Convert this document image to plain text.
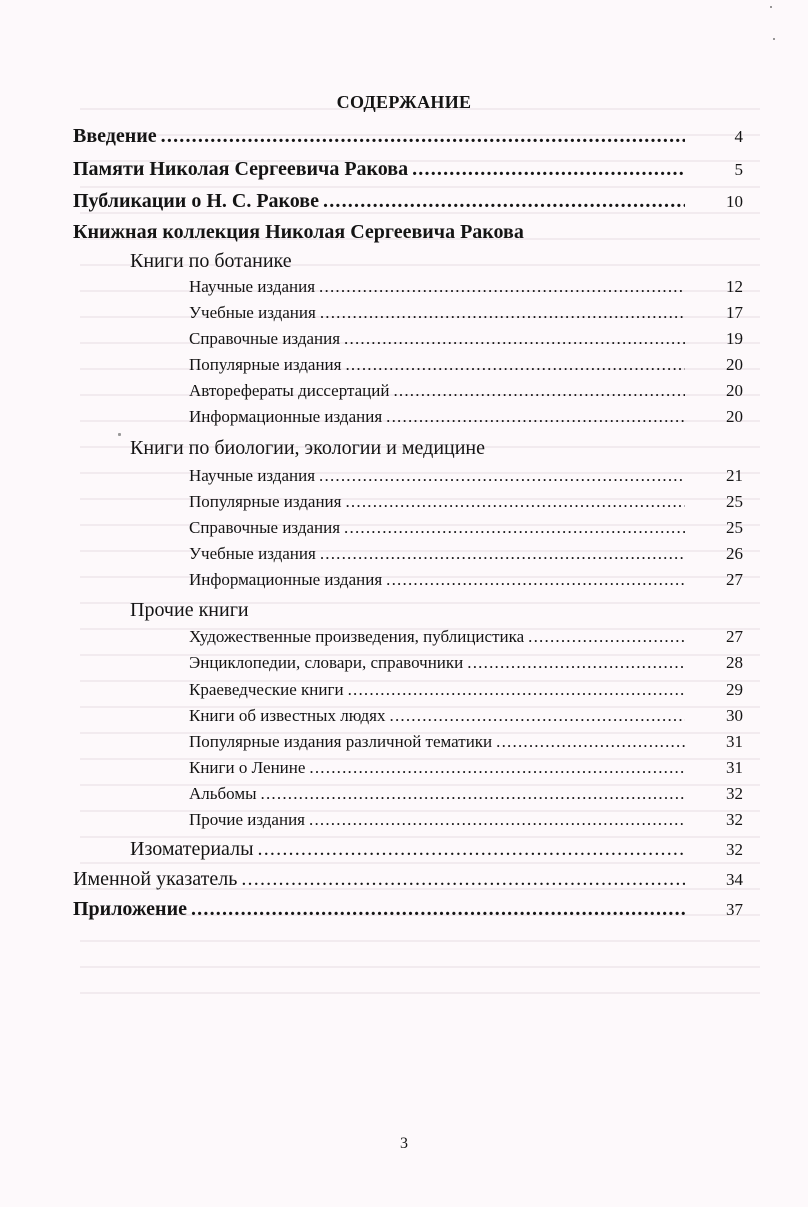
СОДЕРЖАНИЕ
Введение .....	4
Памяти Николая Сергеевича Ракова .....	5
Публикации о Н. С. Ракове .....	10
Книжная коллекция Николая Сергеевича Ракова
Книги по ботанике
Научные издания .....	12
Учебные издания .....	17
Справочные издания .....	19
Популярные издания .....	20
Авторефераты диссертаций .....	20
Информационные издания .....	20
Книги по биологии, экологии и медицине
Научные издания .....	21
Популярные издания .....	25
Справочные издания .....	25
Учебные издания .....	26
Информационные издания .....	27
Прочие книги
Художественные произведения, публицистика .....	27
Энциклопедии, словари, справочники .....	28
Краеведческие книги .....	29
Книги об известных людях .....	30
Популярные издания различной тематики .....	31
Книги о Ленине .....	31
Альбомы .....	32
Прочие издания .....	32
Изоматериалы .....	32
Именной указатель .....	34
Приложение .....	37
3
